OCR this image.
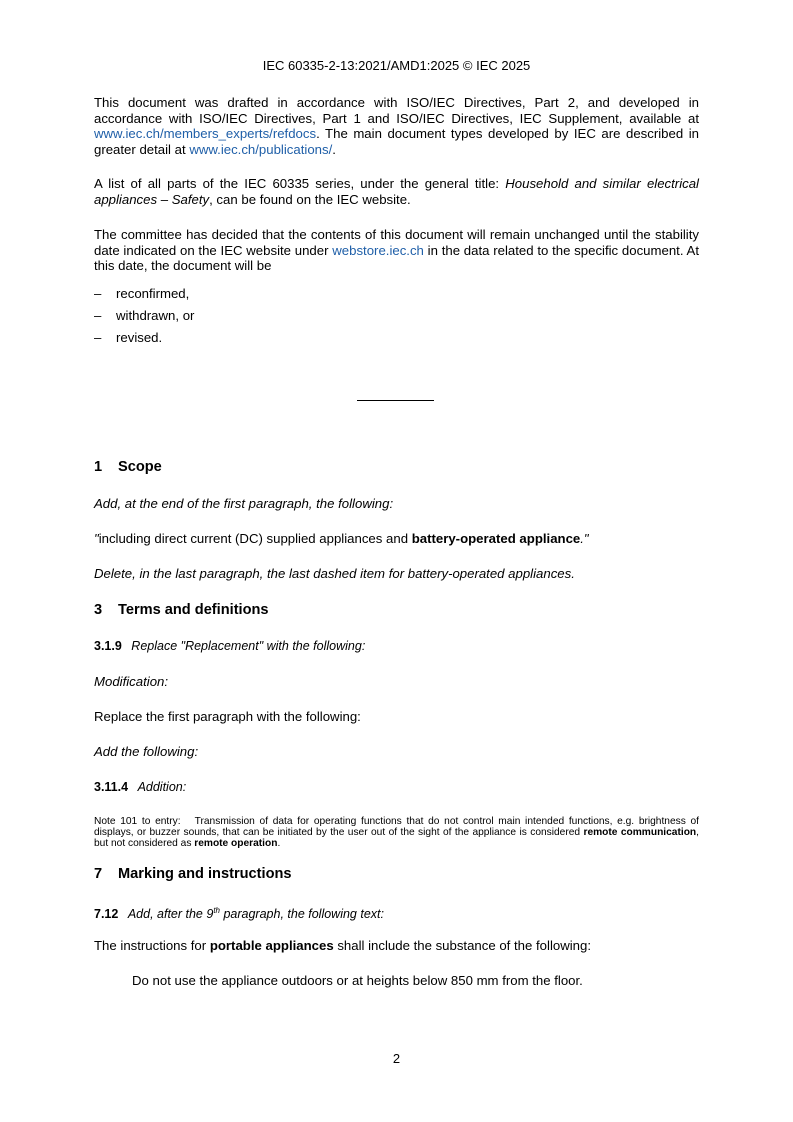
IEC 60335-2-13:2021/AMD1:2025 © IEC 2025

This document was drafted in accordance with ISO/IEC Directives, Part 2, and developed in accordance with ISO/IEC Directives, Part 1 and ISO/IEC Directives, IEC Supplement, available at www.iec.ch/members_experts/refdocs. The main document types developed by IEC are described in greater detail at www.iec.ch/publications/.

A list of all parts of the IEC 60335 series, under the general title: Household and similar electrical appliances – Safety, can be found on the IEC website.

The committee has decided that the contents of this document will remain unchanged until the stability date indicated on the IEC website under webstore.iec.ch in the data related to the specific document. At this date, the document will be

– reconfirmed,
– withdrawn, or
– revised.
1 Scope

Add, at the end of the first paragraph, the following:

"including direct current (DC) supplied appliances and battery-operated appliance."

Delete, in the last paragraph, the last dashed item for battery-operated appliances.

3 Terms and definitions

3.1.9 Replace "Replacement" with the following:

Modification:

Replace the first paragraph with the following:

Add the following:

3.11.4 Addition:

Note 101 to entry: Transmission of data for operating functions that do not control main intended functions, e.g. brightness of displays, or buzzer sounds, that can be initiated by the user out of the sight of the appliance is considered remote communication, but not considered as remote operation.

7 Marking and instructions

7.12 Add, after the 9th paragraph, the following text:

The instructions for portable appliances shall include the substance of the following:

Do not use the appliance outdoors or at heights below 850 mm from the floor.

2
